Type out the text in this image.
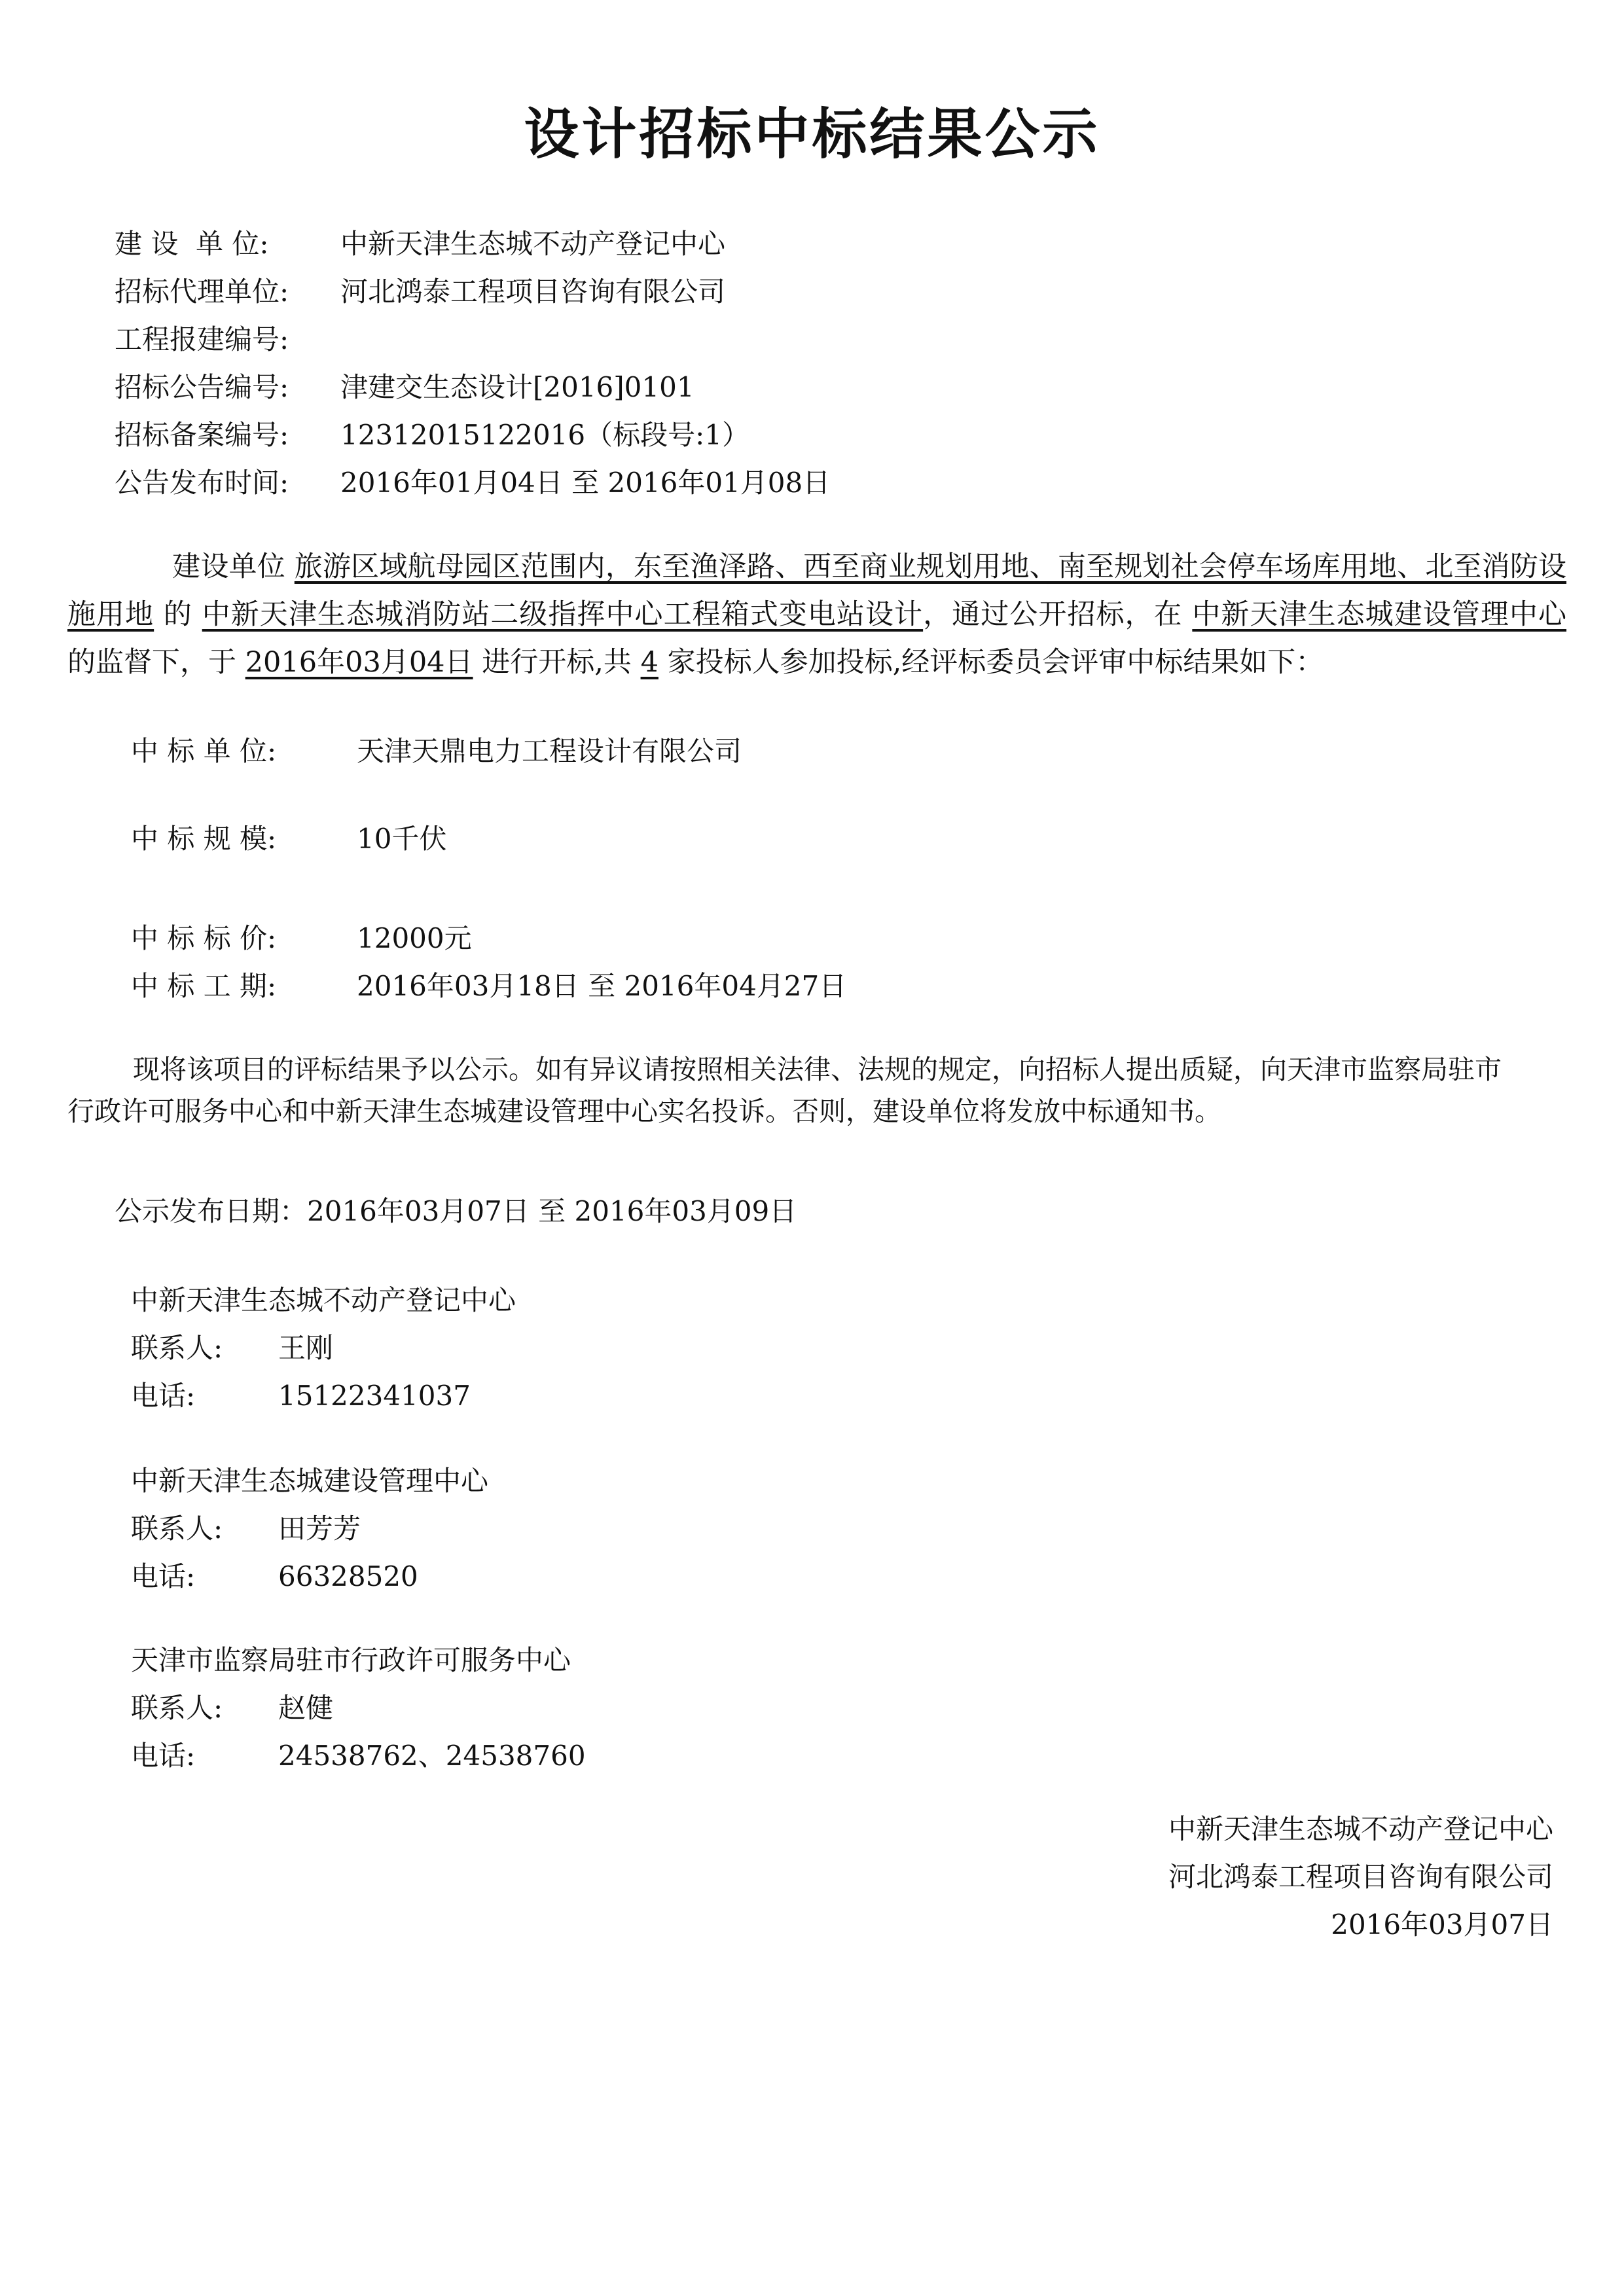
设计招标中标结果公示
建 设  单 位:	中新天津生态城不动产登记中心
招标代理单位:	河北鸿泰工程项目咨询有限公司
工程报建编号:
招标公告编号:	津建交生态设计[2016]0101
招标备案编号:	12312015122016（标段号:1）
公告发布时间:	2016年01月04日 至 2016年01月08日
建设单位 旅游区域航母园区范围内，东至渔泽路、西至商业规划用地、南至规划社会停车场库用地、北至消防设施用地 的 中新天津生态城消防站二级指挥中心工程箱式变电站设计，通过公开招标，在 中新天津生态城建设管理中心 的监督下，于 2016年03月04日 进行开标,共 4 家投标人参加投标,经评标委员会评审中标结果如下：
中 标 单 位:	天津天鼎电力工程设计有限公司
中 标 规 模:	10千伏
中 标 标 价:	12000元
中 标 工 期:	2016年03月18日 至 2016年04月27日
现将该项目的评标结果予以公示。如有异议请按照相关法律、法规的规定，向招标人提出质疑，向天津市监察局驻市行政许可服务中心和中新天津生态城建设管理中心实名投诉。否则，建设单位将发放中标通知书。
公示发布日期：2016年03月07日 至 2016年03月09日
中新天津生态城不动产登记中心
联系人: 王刚
电话:	15122341037
中新天津生态城建设管理中心
联系人: 田芳芳
电话:	66328520
天津市监察局驻市行政许可服务中心
联系人: 赵健
电话:	24538762、24538760
中新天津生态城不动产登记中心
河北鸿泰工程项目咨询有限公司
2016年03月07日
